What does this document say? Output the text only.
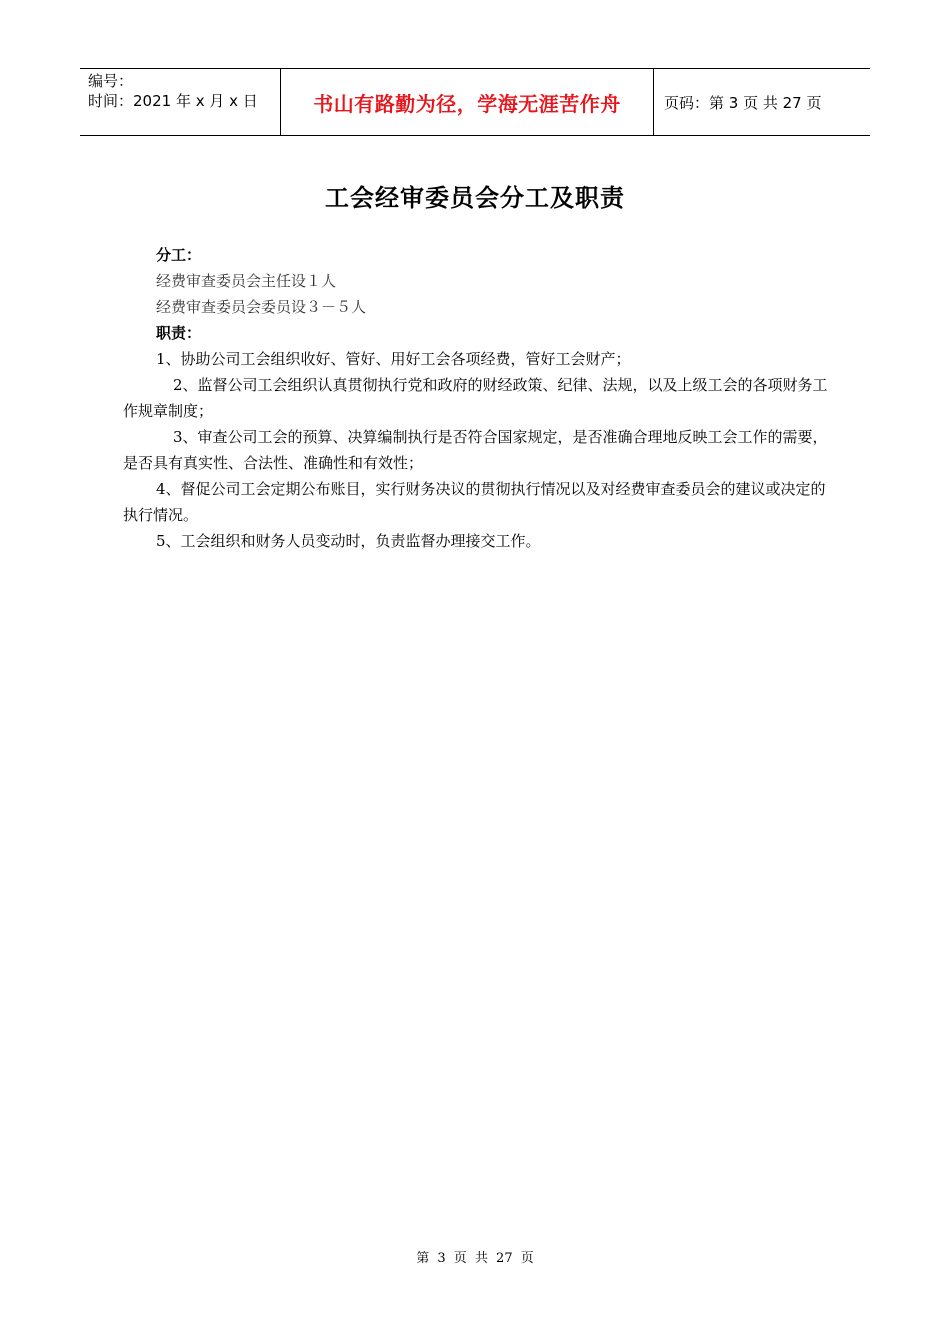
编号：
时间：2021 年 x 月 x 日	书山有路勤为径，学海无涯苦作舟	页码：第 3 页 共 27 页
工会经审委员会分工及职责

分工：

经费审查委员会主任设１人

经费审查委员会委员设３－５人

职责：

1、协助公司工会组织收好、管好、用好工会各项经费，管好工会财产；

2、监督公司工会组织认真贯彻执行党和政府的财经政策、纪律、法规，以及上级工会的各项财务工作规章制度；

3、审查公司工会的预算、决算编制执行是否符合国家规定，是否准确合理地反映工会工作的需要，是否具有真实性、合法性、准确性和有效性；

4、督促公司工会定期公布账目，实行财务决议的贯彻执行情况以及对经费审查委员会的建议或决定的执行情况。

5、工会组织和财务人员变动时，负责监督办理接交工作。

第 3 页 共 27 页
